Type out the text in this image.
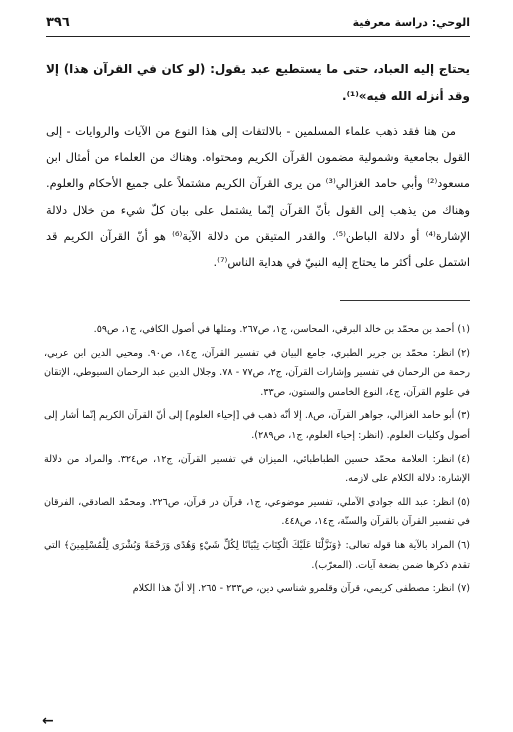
الوحي: دراسة معرفية
٣٩٦
يحتاج إليه العباد، حتى ما يستطيع عبد يقول: (لو كان في القرآن هذا) إلا وقد أنزله الله فيه»⁽¹⁾.

من هنا فقد ذهب علماء المسلمين - بالالتفات إلى هذا النوع من الآيات والروايات - إلى القول بجامعية وشمولية مضمون القرآن الكريم ومحتواه. وهناك من العلماء من أمثال ابن مسعود⁽²⁾ وأبي حامد الغزالي⁽³⁾ من يرى القرآن الكريم مشتملاً على جميع الأحكام والعلوم. وهناك من يذهب إلى القول بأنّ القرآن إنّما يشتمل على بيان كلّ شيء من خلال دلالة الإشارة⁽⁴⁾ أو دلالة الباطن⁽⁵⁾. والقدر المتيقن من دلالة الآية⁽⁶⁾ هو أنّ القرآن الكريم قد اشتمل على أكثر ما يحتاج إليه النبيّ في هداية الناس⁽⁷⁾.

(١)أحمد بن محمّد بن خالد البرقي، المحاسن، ج١، ص٢٦٧. ومثلها في أصول الكافي، ج١، ص٥٩.

(٢)انظر: محمّد بن جرير الطبري، جامع البيان في تفسير القرآن، ج١٤، ص٩٠. ومحيي الدين ابن عربي، رحمة من الرحمان في تفسير وإشارات القرآن، ج٢، ص٧٧ - ٧٨. وجلال الدين عبد الرحمان السيوطي، الإتقان في علوم القرآن، ج٤، النوع الخامس والستون، ص٣٣.

(٣)أبو حامد الغزالي، جواهر القرآن، ص٨. إلا أنّه ذهب في [إحياء العلوم] إلى أنّ القرآن الكريم إنّما أشار إلى أصول وكليات العلوم. (انظر: إحياء العلوم، ج١، ص٢٨٩).

(٤)انظر: العلامة محمّد حسين الطباطبائي، الميزان في تفسير القرآن، ج١٢، ص٣٢٤. والمراد من دلالة الإشارة: دلالة الكلام على لازمه.

(٥)انظر: عبد الله جوادي الآملي، تفسير موضوعي، ج١، قرآن در قرآن، ص٢٢٦. ومحمّد الصادقي، الفرقان في تفسير القرآن بالقرآن والسنّة، ج١٤، ص٤٤٨.

(٦)المراد بالآية هنا قوله تعالى: ﴿وَنَزَّلْنَا عَلَيْكَ الْكِتَابَ تِبْيَانًا لِكُلِّ شَيْءٍ وَهُدًى وَرَحْمَةً وَبُشْرَى لِلْمُسْلِمِينَ﴾ التي تقدم ذكرها ضمن بضعة آيات. (المعرّب).

(٧)انظر: مصطفى كريمي، قرآن وقلمرو شناسي دين، ص٢٣٣ - ٢٦٥. إلا أنّ هذا الكلام

←
